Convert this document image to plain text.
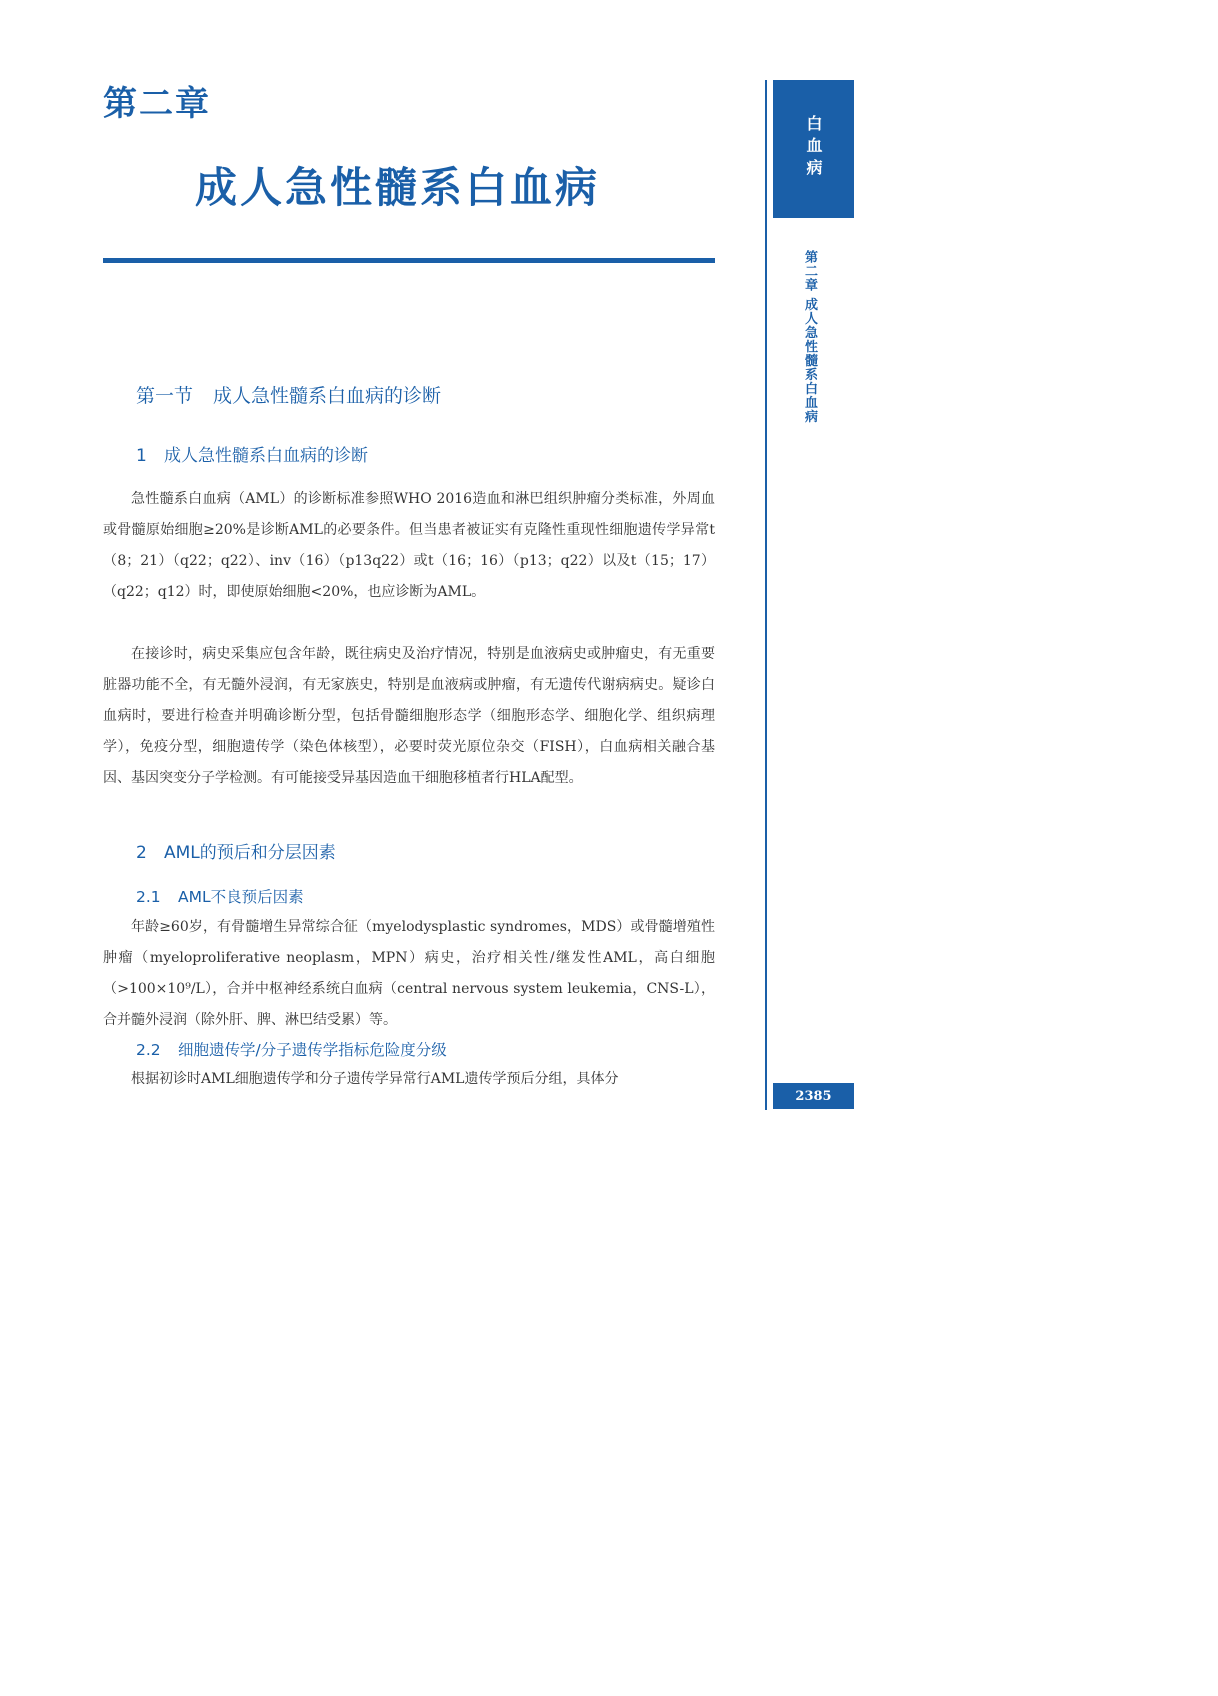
第二章
成人急性髓系白血病
第一节 成人急性髓系白血病的诊断
1 成人急性髓系白血病的诊断

急性髓系白血病（AML）的诊断标准参照WHO 2016造血和淋巴组织肿瘤分类标准，外周血或骨髓原始细胞≥20%是诊断AML的必要条件。但当患者被证实有克隆性重现性细胞遗传学异常t（8；21）（q22；q22）、inv（16）（p13q22）或t（16；16）（p13；q22）以及t（15；17）（q22；q12）时，即使原始细胞<20%，也应诊断为AML。

在接诊时，病史采集应包含年龄，既往病史及治疗情况，特别是血液病史或肿瘤史，有无重要脏器功能不全，有无髓外浸润，有无家族史，特别是血液病或肿瘤，有无遗传代谢病病史。疑诊白血病时，要进行检查并明确诊断分型，包括骨髓细胞形态学（细胞形态学、细胞化学、组织病理学），免疫分型，细胞遗传学（染色体核型），必要时荧光原位杂交（FISH），白血病相关融合基因、基因突变分子学检测。有可能接受异基因造血干细胞移植者行HLA配型。

2 AML的预后和分层因素
2.1 AML不良预后因素

年龄≥60岁，有骨髓增生异常综合征（myelodysplastic syndromes，MDS）或骨髓增殖性肿瘤（myeloproliferative neoplasm，MPN）病史，治疗相关性/继发性AML，高白细胞（>100×10⁹/L），合并中枢神经系统白血病（central nervous system leukemia，CNS-L），合并髓外浸润（除外肝、脾、淋巴结受累）等。

2.2 细胞遗传学/分子遗传学指标危险度分级

根据初诊时AML细胞遗传学和分子遗传学异常行AML遗传学预后分组，具体分

白血病
第二章 成人急性髓系白血病
2385
